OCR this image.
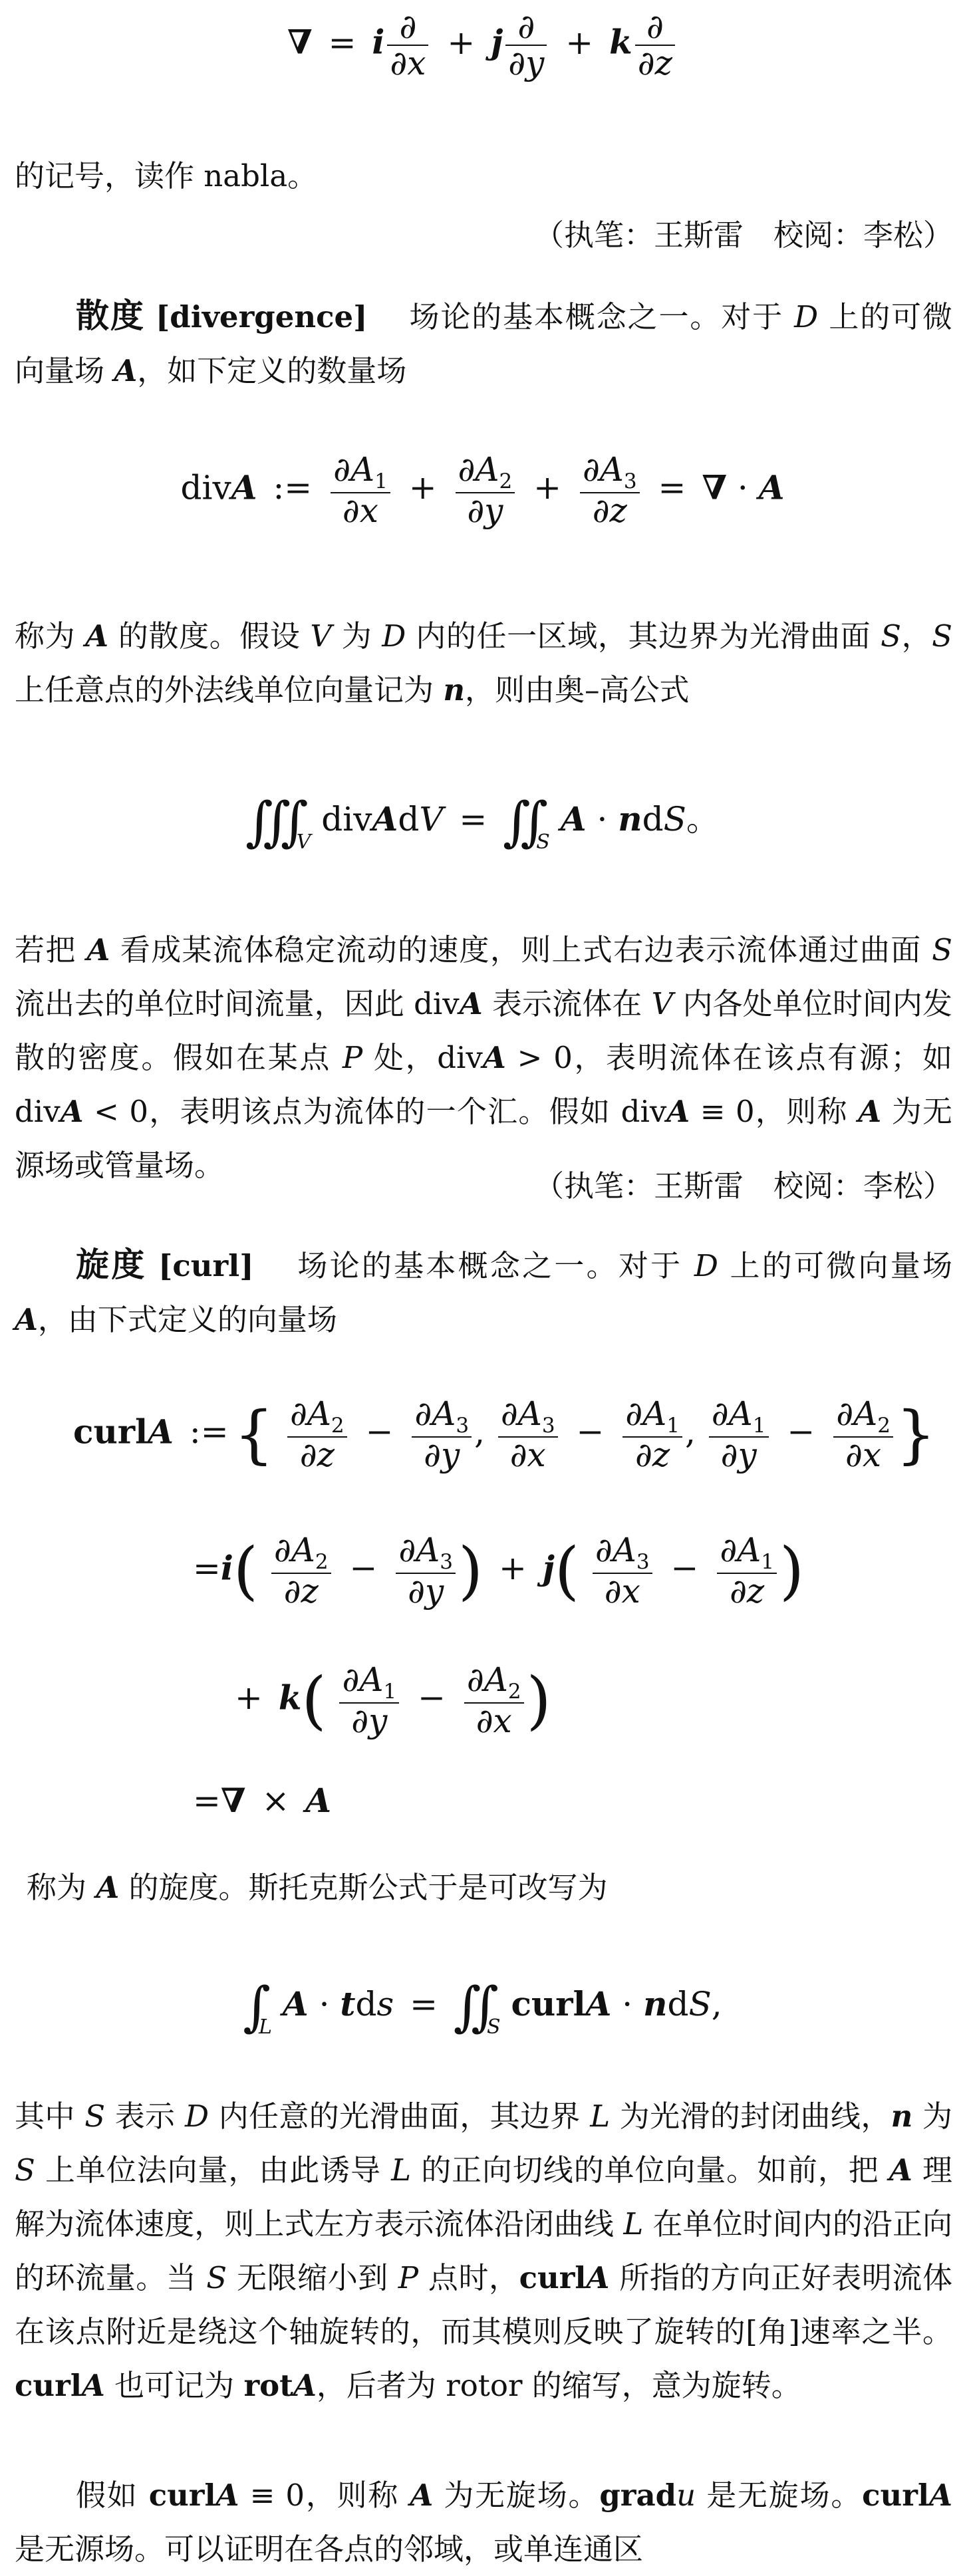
∇ = i $\frac{\partial}{\partial x} + j \frac{\partial}{\partial y} + k \frac{\partial}{\partial z}$
的记号，读作 nabla。
（执笔：王斯雷　校阅：李松）
散度 [divergence] 　场论的基本概念之一。对于 D 上的可微向量场 A，如下定义的数量场
divA := $\frac{\partial A_1}{\partial x} + \frac{\partial A_2}{\partial y} + \frac{\partial A_3}{\partial z}$ = ∇ · A
称为 A 的散度。假设 V 为 D 内的任一区域，其边界为光滑曲面 S，S 上任意点的外法线单位向量记为 n，则由奥–高公式
$∭_V$ divAdV = $∬_S$ A · ndS。
若把 A 看成某流体稳定流动的速度，则上式右边表示流体通过曲面 S 流出去的单位时间流量，因此 divA 表示流体在 V 内各处单位时间内发散的密度。假如在某点 P 处，divA > 0，表明流体在该点有源；如 divA < 0，表明该点为流体的一个汇。假如 divA ≡ 0，则称 A 为无源场或管量场。
（执笔：王斯雷　校阅：李松）
旋度 [curl] 　场论的基本概念之一。对于 D 上的可微向量场 A，由下式定义的向量场
curlA :={ $\frac{\partial A_2}{\partial z} - \frac{\partial A_3}{\partial y}$ , $\frac{\partial A_3}{\partial x} - \frac{\partial A_1}{\partial z}$ , $\frac{\partial A_1}{\partial y} - \frac{\partial A_2}{\partial x}$ }
$=i( \frac{\partial A_2}{\partial z} - \frac{\partial A_3}{\partial y}$ ) + $j( \frac{\partial A_3}{\partial x} - \frac{\partial A_1}{\partial z}$ )
+ $k( \frac{\partial A_1}{\partial y} - \frac{\partial A_2}{\partial x}$ )
=∇ × A
称为 A 的旋度。斯托克斯公式于是可改写为
$\int_L$ A · tds = $∬_S$ curlA · ndS,
其中 S 表示 D 内任意的光滑曲面，其边界 L 为光滑的封闭曲线，n 为 S 上单位法向量，由此诱导 L 的正向切线的单位向量。如前，把 A 理解为流体速度，则上式左方表示流体沿闭曲线 L 在单位时间内的沿正向的环流量。当 S 无限缩小到 P 点时，curlA 所指的方向正好表明流体在该点附近是绕这个轴旋转的，而其模则反映了旋转的[角]速率之半。curlA 也可记为 rotA，后者为 rotor 的缩写，意为旋转。
假如 curlA ≡ 0，则称 A 为无旋场。gradu 是无旋场。curlA 是无源场。可以证明在各点的邻域，或单连通区
